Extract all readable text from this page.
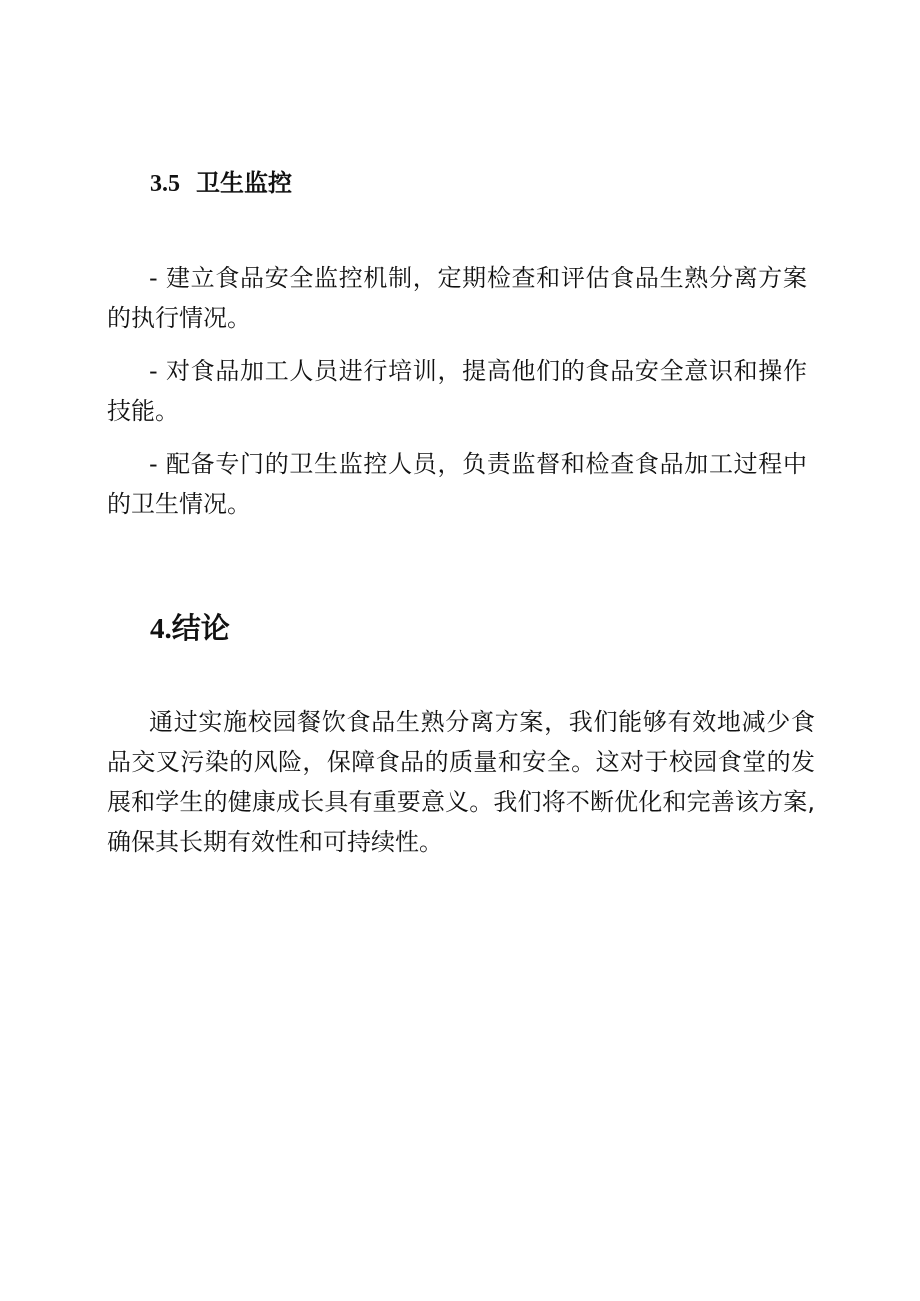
3.5 卫生监控

- 建立食品安全监控机制，定期检查和评估食品生熟分离方案的执行情况。

- 对食品加工人员进行培训，提高他们的食品安全意识和操作技能。

- 配备专门的卫生监控人员，负责监督和检查食品加工过程中的卫生情况。

4.结论

通过实施校园餐饮食品生熟分离方案，我们能够有效地减少食品交叉污染的风险，保障食品的质量和安全。这对于校园食堂的发展和学生的健康成长具有重要意义。我们将不断优化和完善该方案,确保其长期有效性和可持续性。
